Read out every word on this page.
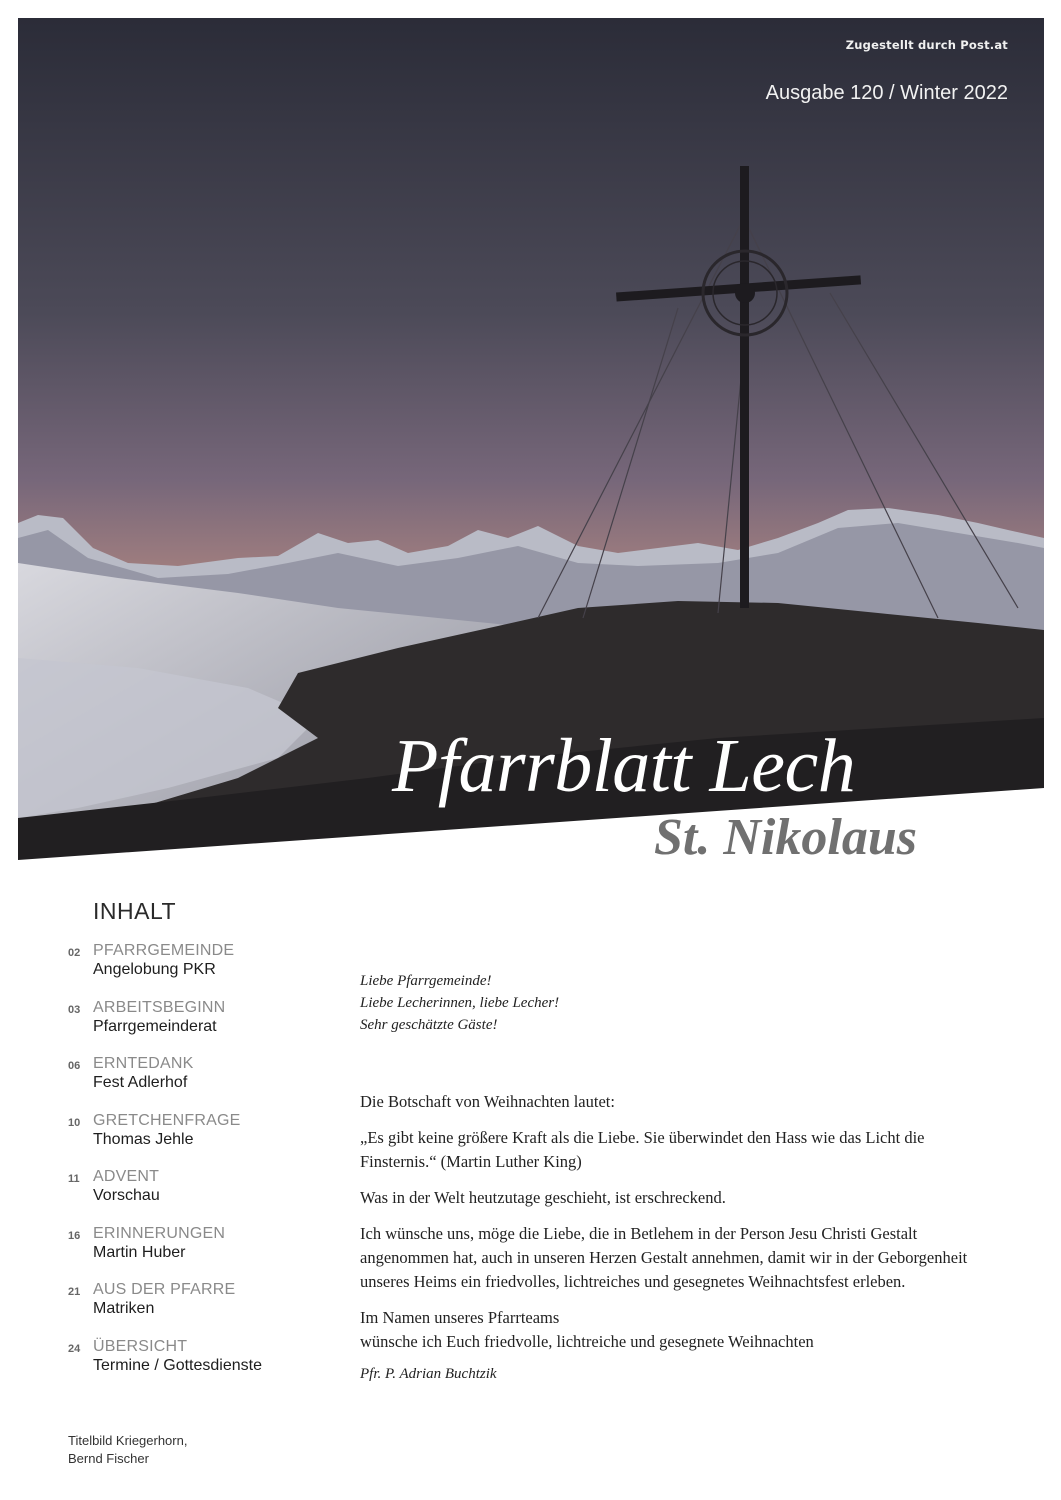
Zugestellt durch Post.at
Ausgabe 120 / Winter 2022
Pfarrblatt Lech
St. Nikolaus
INHALT
02 PFARRGEMEINDE
Angelobung PKR
03 ARBEITSBEGINN
Pfarrgemeinderat
06 ERNTEDANK
Fest Adlerhof
10 GRETCHENFRAGE
Thomas Jehle
11 ADVENT
Vorschau
16 ERINNERUNGEN
Martin Huber
21 AUS DER PFARRE
Matriken
24 ÜBERSICHT
Termine / Gottesdienste
Titelbild Kriegerhorn,
Bernd Fischer

Liebe Pfarrgemeinde!

Liebe Lecherinnen, liebe Lecher!

Sehr geschätzte Gäste!

Die Botschaft von Weihnachten lautet:

„Es gibt keine größere Kraft als die Liebe. Sie überwindet den Hass wie das Licht die Finsternis.“ (Martin Luther King)

Was in der Welt heutzutage geschieht, ist erschreckend.

Ich wünsche uns, möge die Liebe, die in Betlehem in der Person Jesu Christi Gestalt angenommen hat, auch in unseren Herzen Gestalt annehmen, damit wir in der Geborgenheit unseres Heims ein friedvolles, lichtreiches und gesegnetes Weihnachtsfest erleben.

Im Namen unseres Pfarrteams

wünsche ich Euch friedvolle, lichtreiche und gesegnete Weihnachten

Pfr. P. Adrian Buchtzik
